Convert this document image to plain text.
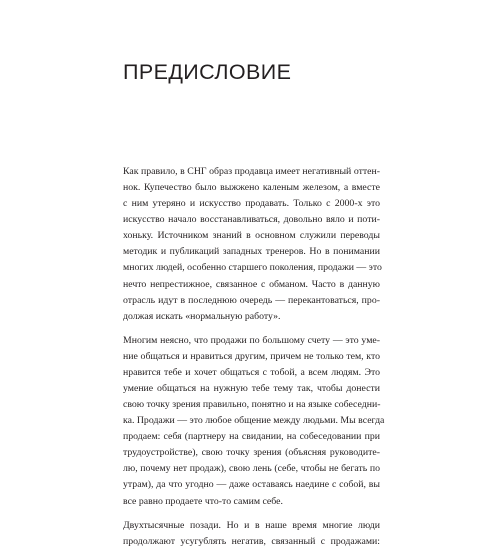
ПРЕДИСЛОВИЕ

Как правило, в СНГ образ продавца имеет негативный оттен-
нок. Купечество было выжжено каленым железом, а вместе
с ним утеряно и искусство продавать. Только с 2000-х это
искусство начало восстанавливаться, довольно вяло и поти-
хоньку. Источником знаний в основном служили переводы
методик и публикаций западных тренеров. Но в понимании
многих людей, особенно старшего поколения, продажи — это
нечто непрестижное, связанное с обманом. Часто в данную
отрасль идут в последнюю очередь — перекантоваться, про-
должая искать «нормальную работу».

Многим неясно, что продажи по большому счету — это уме-
ние общаться и нравиться другим, причем не только тем, кто
нравится тебе и хочет общаться с тобой, а всем людям. Это
умение общаться на нужную тебе тему так, чтобы донести
свою точку зрения правильно, понятно и на языке собеседни-
ка. Продажи — это любое общение между людьми. Мы всегда
продаем: себя (партнеру на свидании, на собеседовании при
трудоустройстве), свою точку зрения (объясняя руководите-
лю, почему нет продаж), свою лень (себе, чтобы не бегать по
утрам), да что угодно — даже оставаясь наедине с собой, вы
все равно продаете что-то самим себе.

Двухтысячные позади. Но и в наше время многие люди
продолжают усугублять негатив, связанный с продажами:
